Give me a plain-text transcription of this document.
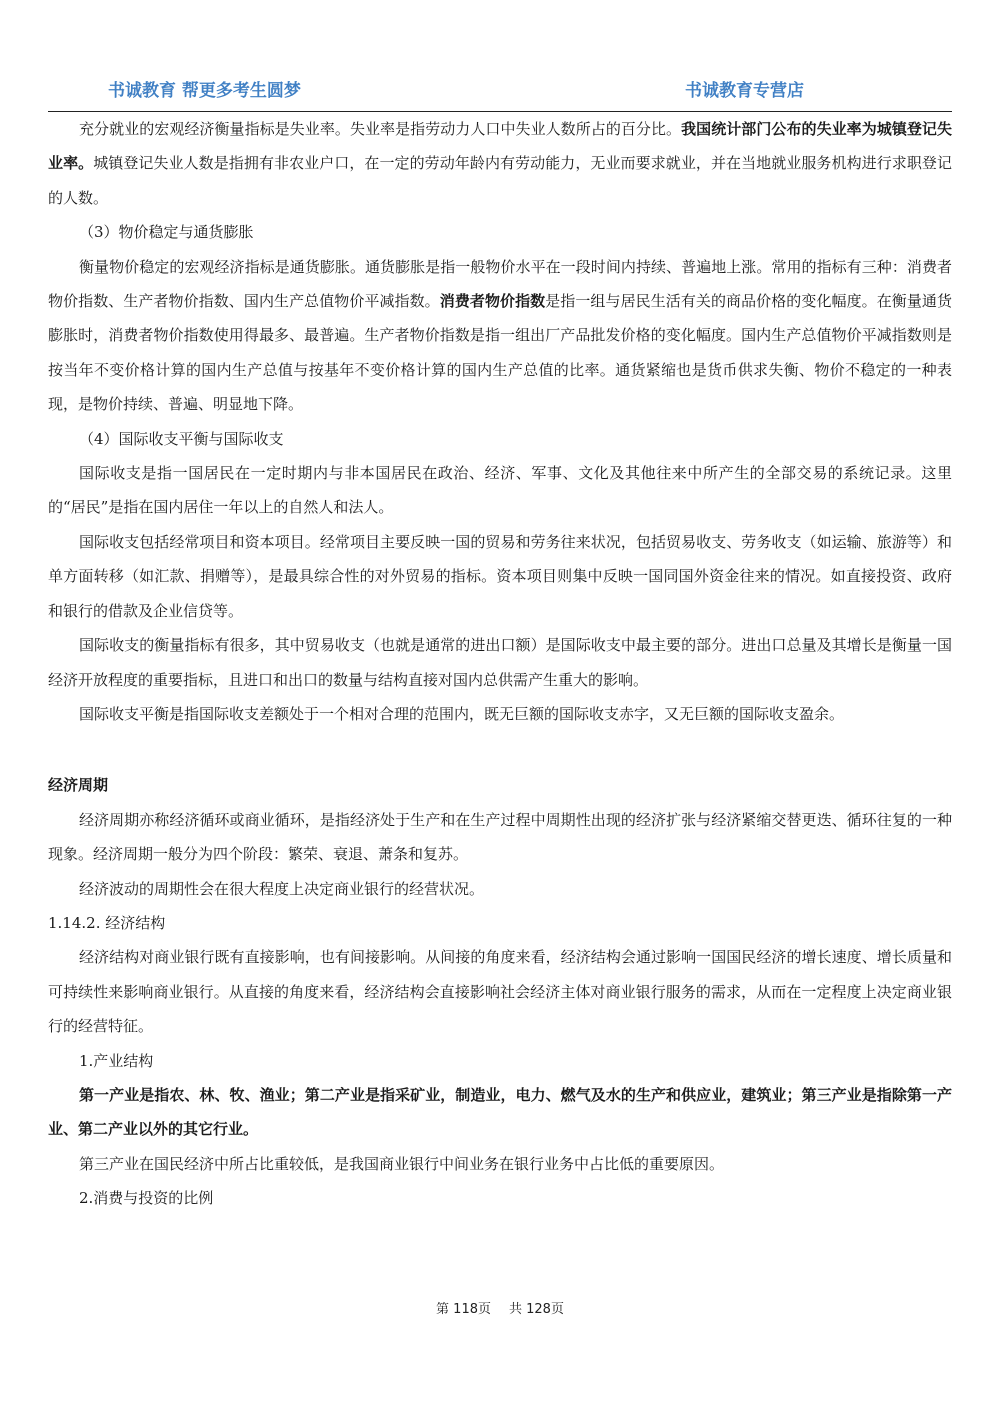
书诚教育 帮更多考生圆梦	书诚教育专营店

充分就业的宏观经济衡量指标是失业率。失业率是指劳动力人口中失业人数所占的百分比。我国统计部门公布的失业率为城镇登记失业率。城镇登记失业人数是指拥有非农业户口，在一定的劳动年龄内有劳动能力，无业而要求就业，并在当地就业服务机构进行求职登记的人数。

（3）物价稳定与通货膨胀

衡量物价稳定的宏观经济指标是通货膨胀。通货膨胀是指一般物价水平在一段时间内持续、普遍地上涨。常用的指标有三种：消费者物价指数、生产者物价指数、国内生产总值物价平减指数。消费者物价指数是指一组与居民生活有关的商品价格的变化幅度。在衡量通货膨胀时，消费者物价指数使用得最多、最普遍。生产者物价指数是指一组出厂产品批发价格的变化幅度。国内生产总值物价平减指数则是按当年不变价格计算的国内生产总值与按基年不变价格计算的国内生产总值的比率。通货紧缩也是货币供求失衡、物价不稳定的一种表现，是物价持续、普遍、明显地下降。

（4）国际收支平衡与国际收支

国际收支是指一国居民在一定时期内与非本国居民在政治、经济、军事、文化及其他往来中所产生的全部交易的系统记录。这里的“居民”是指在国内居住一年以上的自然人和法人。

国际收支包括经常项目和资本项目。经常项目主要反映一国的贸易和劳务往来状况，包括贸易收支、劳务收支（如运输、旅游等）和单方面转移（如汇款、捐赠等），是最具综合性的对外贸易的指标。资本项目则集中反映一国同国外资金往来的情况。如直接投资、政府和银行的借款及企业信贷等。

国际收支的衡量指标有很多，其中贸易收支（也就是通常的进出口额）是国际收支中最主要的部分。进出口总量及其增长是衡量一国经济开放程度的重要指标，且进口和出口的数量与结构直接对国内总供需产生重大的影响。

国际收支平衡是指国际收支差额处于一个相对合理的范围内，既无巨额的国际收支赤字，又无巨额的国际收支盈余。

经济周期

经济周期亦称经济循环或商业循环，是指经济处于生产和在生产过程中周期性出现的经济扩张与经济紧缩交替更迭、循环往复的一种现象。经济周期一般分为四个阶段：繁荣、衰退、萧条和复苏。

经济波动的周期性会在很大程度上决定商业银行的经营状况。

1.14.2. 经济结构

经济结构对商业银行既有直接影响，也有间接影响。从间接的角度来看，经济结构会通过影响一国国民经济的增长速度、增长质量和可持续性来影响商业银行。从直接的角度来看，经济结构会直接影响社会经济主体对商业银行服务的需求，从而在一定程度上决定商业银行的经营特征。

1.产业结构

第一产业是指农、林、牧、渔业；第二产业是指采矿业，制造业，电力、燃气及水的生产和供应业，建筑业；第三产业是指除第一产业、第二产业以外的其它行业。

第三产业在国民经济中所占比重较低，是我国商业银行中间业务在银行业务中占比低的重要原因。

2.消费与投资的比例

第 118页 共 128页
